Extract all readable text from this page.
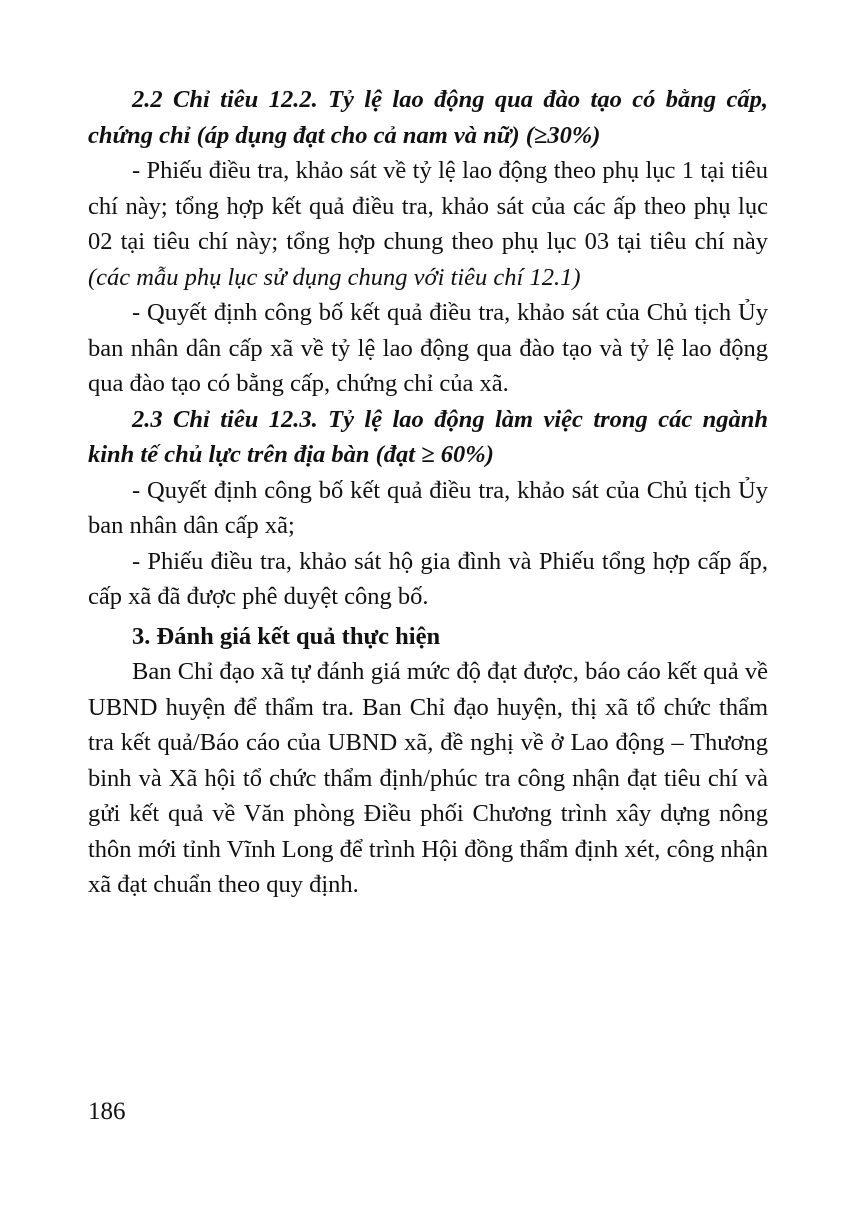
2.2 Chỉ tiêu 12.2. Tỷ lệ lao động qua đào tạo có bằng cấp, chứng chỉ (áp dụng đạt cho cả nam và nữ) (≥30%)

- Phiếu điều tra, khảo sát về tỷ lệ lao động theo phụ lục 1 tại tiêu chí này; tổng hợp kết quả điều tra, khảo sát của các ấp theo phụ lục 02 tại tiêu chí này; tổng hợp chung theo phụ lục 03 tại tiêu chí này (các mẫu phụ lục sử dụng chung với tiêu chí 12.1)

- Quyết định công bố kết quả điều tra, khảo sát của Chủ tịch Ủy ban nhân dân cấp xã về tỷ lệ lao động qua đào tạo và tỷ lệ lao động qua đào tạo có bằng cấp, chứng chỉ của xã.

2.3 Chỉ tiêu 12.3. Tỷ lệ lao động làm việc trong các ngành kinh tế chủ lực trên địa bàn (đạt ≥ 60%)

- Quyết định công bố kết quả điều tra, khảo sát của Chủ tịch Ủy ban nhân dân cấp xã;

- Phiếu điều tra, khảo sát hộ gia đình và Phiếu tổng hợp cấp ấp, cấp xã đã được phê duyệt công bố.

3. Đánh giá kết quả thực hiện

Ban Chỉ đạo xã tự đánh giá mức độ đạt được, báo cáo kết quả về UBND huyện để thẩm tra. Ban Chỉ đạo huyện, thị xã tổ chức thẩm tra kết quả/Báo cáo của UBND xã, đề nghị về ở Lao động – Thương binh và Xã hội tổ chức thẩm định/phúc tra công nhận đạt tiêu chí và gửi kết quả về Văn phòng Điều phối Chương trình xây dựng nông thôn mới tỉnh Vĩnh Long để trình Hội đồng thẩm định xét, công nhận xã đạt chuẩn theo quy định.

186
